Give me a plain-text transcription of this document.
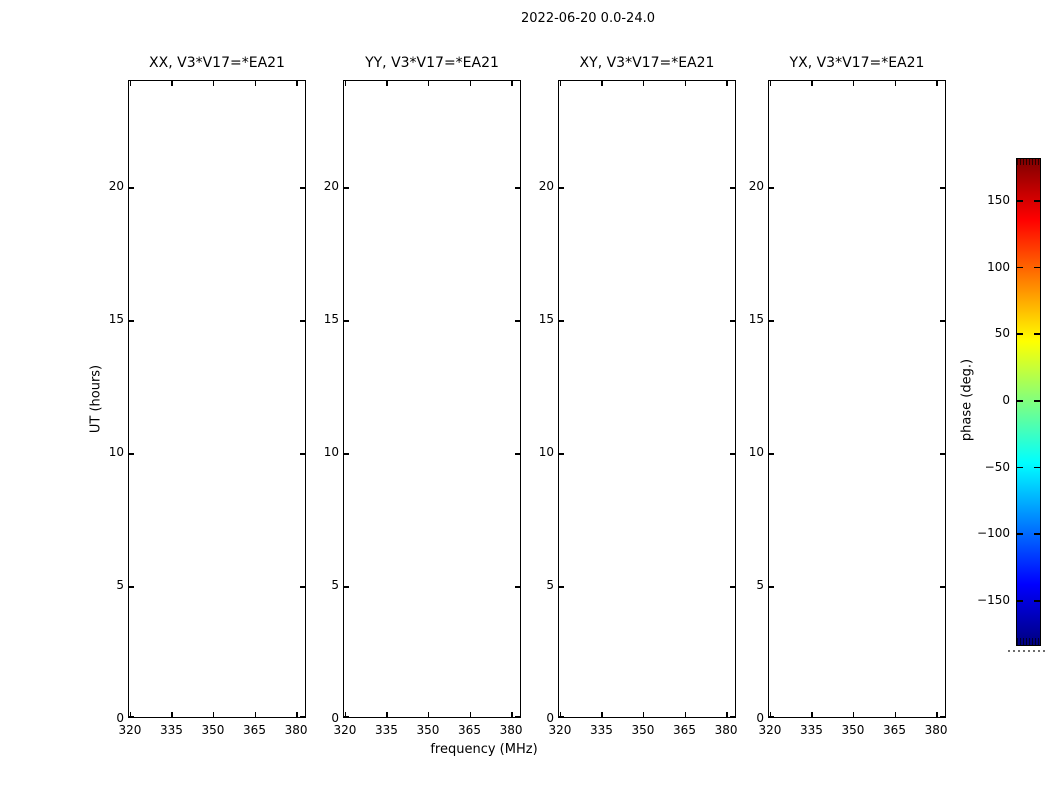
2022-06-20 0.0-24.0
UT (hours)
frequency (MHz)
phase (deg.)
XX, V3*V17=*EA21
320	335	350	365	380
0
5
10
15
20
YY, V3*V17=*EA21
320	335	350	365	380
0
5
10
15
20
XY, V3*V17=*EA21
320	335	350	365	380
0
5
10
15
20
YX, V3*V17=*EA21
320	335	350	365	380
0
5
10
15
20
150
100
50
0
−50
−100
−150
